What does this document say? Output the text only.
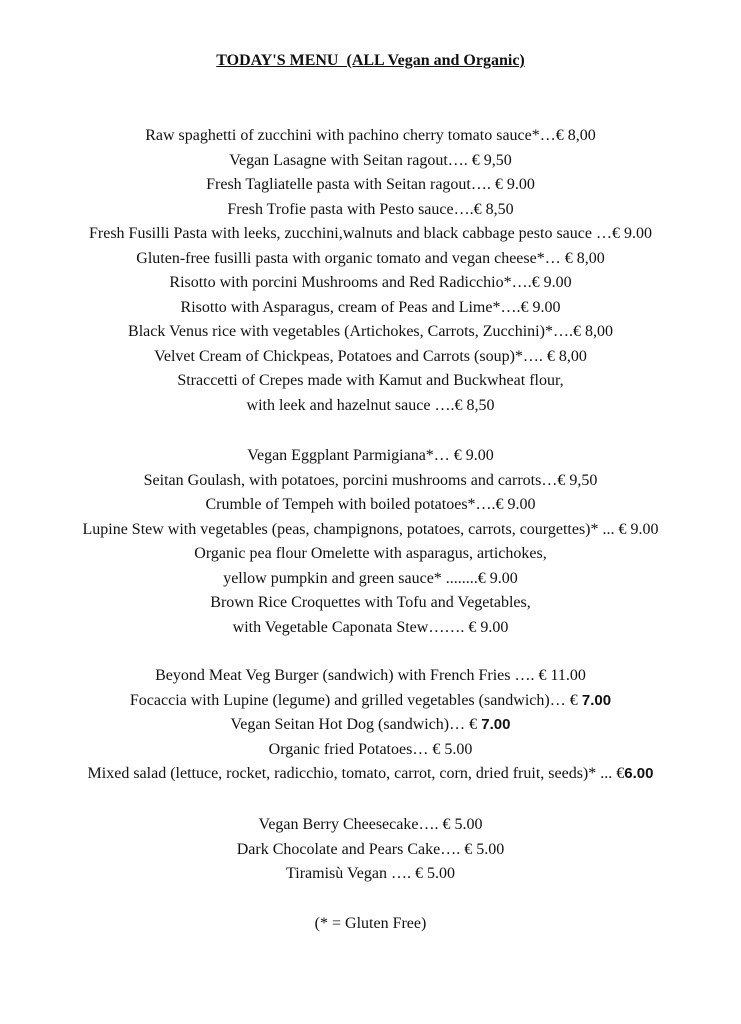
TODAY'S MENU  (ALL Vegan and Organic)
Raw spaghetti of zucchini with pachino cherry tomato sauce*…€ 8,00
Vegan Lasagne with Seitan ragout…. € 9,50
Fresh Tagliatelle pasta with Seitan ragout…. € 9.00
Fresh Trofie pasta with Pesto sauce….€ 8,50
Fresh Fusilli Pasta with leeks, zucchini,walnuts and black cabbage pesto sauce …€ 9.00
Gluten-free fusilli pasta with organic tomato and vegan cheese*… € 8,00
Risotto with porcini Mushrooms and Red Radicchio*….€ 9.00
Risotto with Asparagus, cream of Peas and Lime*….€ 9.00
Black Venus rice with vegetables (Artichokes, Carrots, Zucchini)*….€ 8,00
Velvet Cream of Chickpeas, Potatoes and Carrots (soup)*…. € 8,00
Straccetti of Crepes made with Kamut and Buckwheat flour,
with leek and hazelnut sauce ….€ 8,50
Vegan Eggplant Parmigiana*… € 9.00
Seitan Goulash, with potatoes, porcini mushrooms and carrots…€ 9,50
Crumble of Tempeh with boiled potatoes*….€ 9.00
Lupine Stew with vegetables (peas, champignons, potatoes, carrots, courgettes)* ... € 9.00
Organic pea flour Omelette with asparagus, artichokes,
yellow pumpkin and green sauce* ........€ 9.00
Brown Rice Croquettes with Tofu and Vegetables,
with Vegetable Caponata Stew……. € 9.00
Beyond Meat Veg Burger (sandwich) with French Fries …. € 11.00
Focaccia with Lupine (legume) and grilled vegetables (sandwich)… € 7.00
Vegan Seitan Hot Dog (sandwich)… € 7.00
Organic fried Potatoes… € 5.00
Mixed salad (lettuce, rocket, radicchio, tomato, carrot, corn, dried fruit, seeds)* ... €6.00
Vegan Berry Cheesecake…. € 5.00
Dark Chocolate and Pears Cake…. € 5.00
Tiramisù Vegan …. € 5.00
(* = Gluten Free)
